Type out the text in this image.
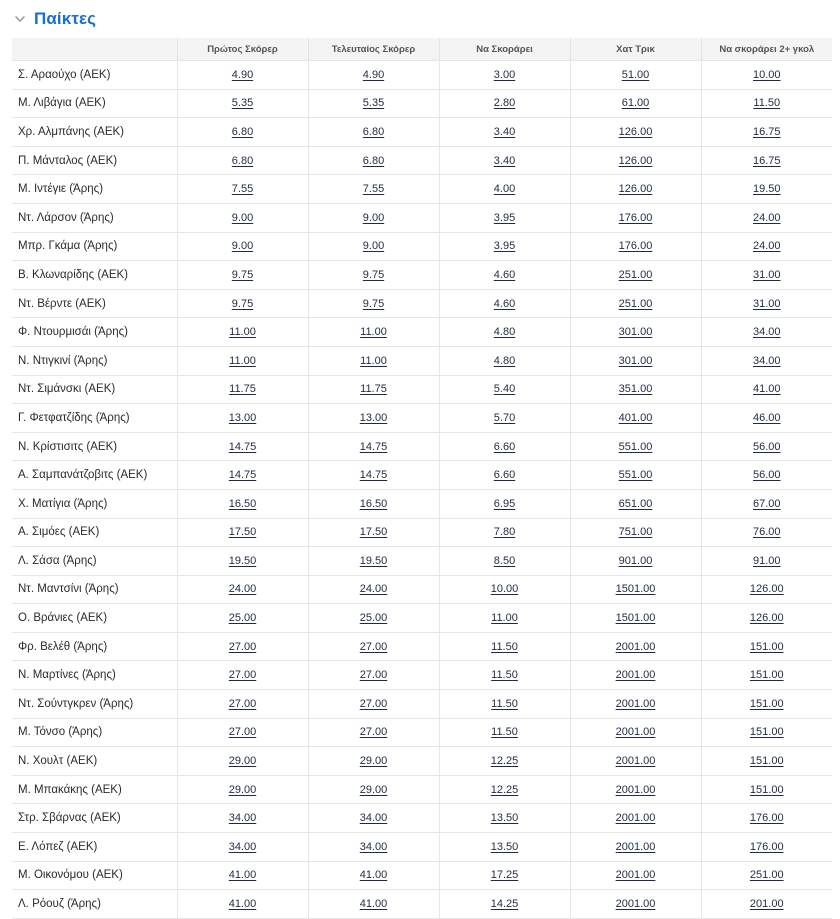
Παίκτες
	Πρώτος Σκόρερ	Τελευταίος Σκόρερ	Να Σκοράρει	Χατ Τρικ	Να σκοράρει 2+ γκολ
Σ. Αραούχο (ΑΕΚ)	4.90	4.90	3.00	51.00	10.00
Μ. Λιβάγια (ΑΕΚ)	5.35	5.35	2.80	61.00	11.50
Χρ. Αλμπάνης (ΑΕΚ)	6.80	6.80	3.40	126.00	16.75
Π. Μάνταλος (ΑΕΚ)	6.80	6.80	3.40	126.00	16.75
Μ. Ιντέγιε (Άρης)	7.55	7.55	4.00	126.00	19.50
Ντ. Λάρσον (Άρης)	9.00	9.00	3.95	176.00	24.00
Μπρ. Γκάμα (Άρης)	9.00	9.00	3.95	176.00	24.00
Β. Κλωναρίδης (ΑΕΚ)	9.75	9.75	4.60	251.00	31.00
Ντ. Βέρντε (ΑΕΚ)	9.75	9.75	4.60	251.00	31.00
Φ. Ντουρμισάι (Άρης)	11.00	11.00	4.80	301.00	34.00
Ν. Ντιγκινί (Άρης)	11.00	11.00	4.80	301.00	34.00
Ντ. Σιμάνσκι (ΑΕΚ)	11.75	11.75	5.40	351.00	41.00
Γ. Φετφατζίδης (Άρης)	13.00	13.00	5.70	401.00	46.00
Ν. Κρίστισιτς (ΑΕΚ)	14.75	14.75	6.60	551.00	56.00
Α. Σαμπανάτζοβιτς (ΑΕΚ)	14.75	14.75	6.60	551.00	56.00
Χ. Ματίγια (Άρης)	16.50	16.50	6.95	651.00	67.00
Α. Σιμόες (ΑΕΚ)	17.50	17.50	7.80	751.00	76.00
Λ. Σάσα (Άρης)	19.50	19.50	8.50	901.00	91.00
Ντ. Μαντσίνι (Άρης)	24.00	24.00	10.00	1501.00	126.00
Ο. Βράνιες (ΑΕΚ)	25.00	25.00	11.00	1501.00	126.00
Φρ. Βελέθ (Άρης)	27.00	27.00	11.50	2001.00	151.00
Ν. Μαρτίνες (Άρης)	27.00	27.00	11.50	2001.00	151.00
Ντ. Σούντγκρεν (Άρης)	27.00	27.00	11.50	2001.00	151.00
Μ. Τόνσο (Άρης)	27.00	27.00	11.50	2001.00	151.00
Ν. Χουλτ (ΑΕΚ)	29.00	29.00	12.25	2001.00	151.00
Μ. Μπακάκης (ΑΕΚ)	29.00	29.00	12.25	2001.00	151.00
Στρ. Σβάρνας (ΑΕΚ)	34.00	34.00	13.50	2001.00	176.00
Ε. Λόπεζ (ΑΕΚ)	34.00	34.00	13.50	2001.00	176.00
Μ. Οικονόμου (ΑΕΚ)	41.00	41.00	17.25	2001.00	251.00
Λ. Ρόουζ (Άρης)	41.00	41.00	14.25	2001.00	201.00
